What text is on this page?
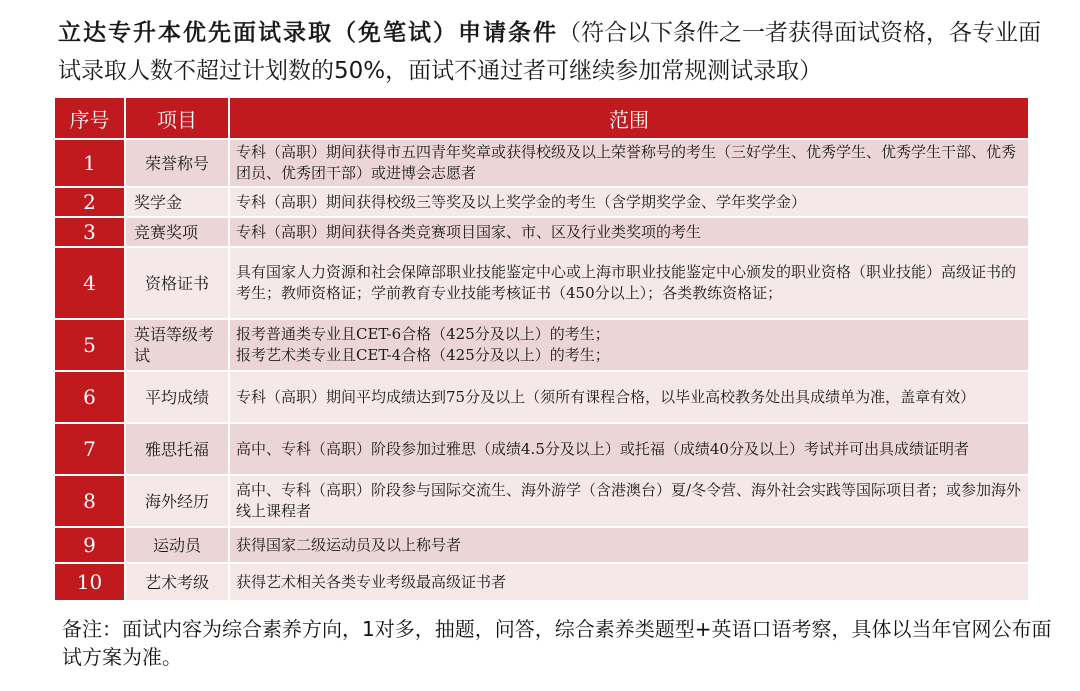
立达专升本优先面试录取（免笔试）申请条件（符合以下条件之一者获得面试资格，各专业面试录取人数不超过计划数的50%，面试不通过者可继续参加常规测试录取）
序号	项目	范围
1	荣誉称号	专科（高职）期间获得市五四青年奖章或获得校级及以上荣誉称号的考生（三好学生、优秀学生、优秀学生干部、优秀团员、优秀团干部）或进博会志愿者
2	奖学金	专科（高职）期间获得校级三等奖及以上奖学金的考生（含学期奖学金、学年奖学金）
3	竞赛奖项	专科（高职）期间获得各类竞赛项目国家、市、区及行业类奖项的考生
4	资格证书	具有国家人力资源和社会保障部职业技能鉴定中心或上海市职业技能鉴定中心颁发的职业资格（职业技能）高级证书的考生；教师资格证；学前教育专业技能考核证书（450分以上）；各类教练资格证；
5	英语等级考试	报考普通类专业且CET-6合格（425分及以上）的考生；
报考艺术类专业且CET-4合格（425分及以上）的考生；

6	平均成绩	专科（高职）期间平均成绩达到75分及以上（须所有课程合格，以毕业高校教务处出具成绩单为准，盖章有效）
7	雅思托福	高中、专科（高职）阶段参加过雅思（成绩4.5分及以上）或托福（成绩40分及以上）考试并可出具成绩证明者
8	海外经历	高中、专科（高职）阶段参与国际交流生、海外游学（含港澳台）夏/冬令营、海外社会实践等国际项目者；或参加海外线上课程者
9	运动员	获得国家二级运动员及以上称号者
10	艺术考级	获得艺术相关各类专业考级最高级证书者
备注：面试内容为综合素养方向，1对多，抽题，问答，综合素养类题型+英语口语考察，具体以当年官网公布面试方案为准。
